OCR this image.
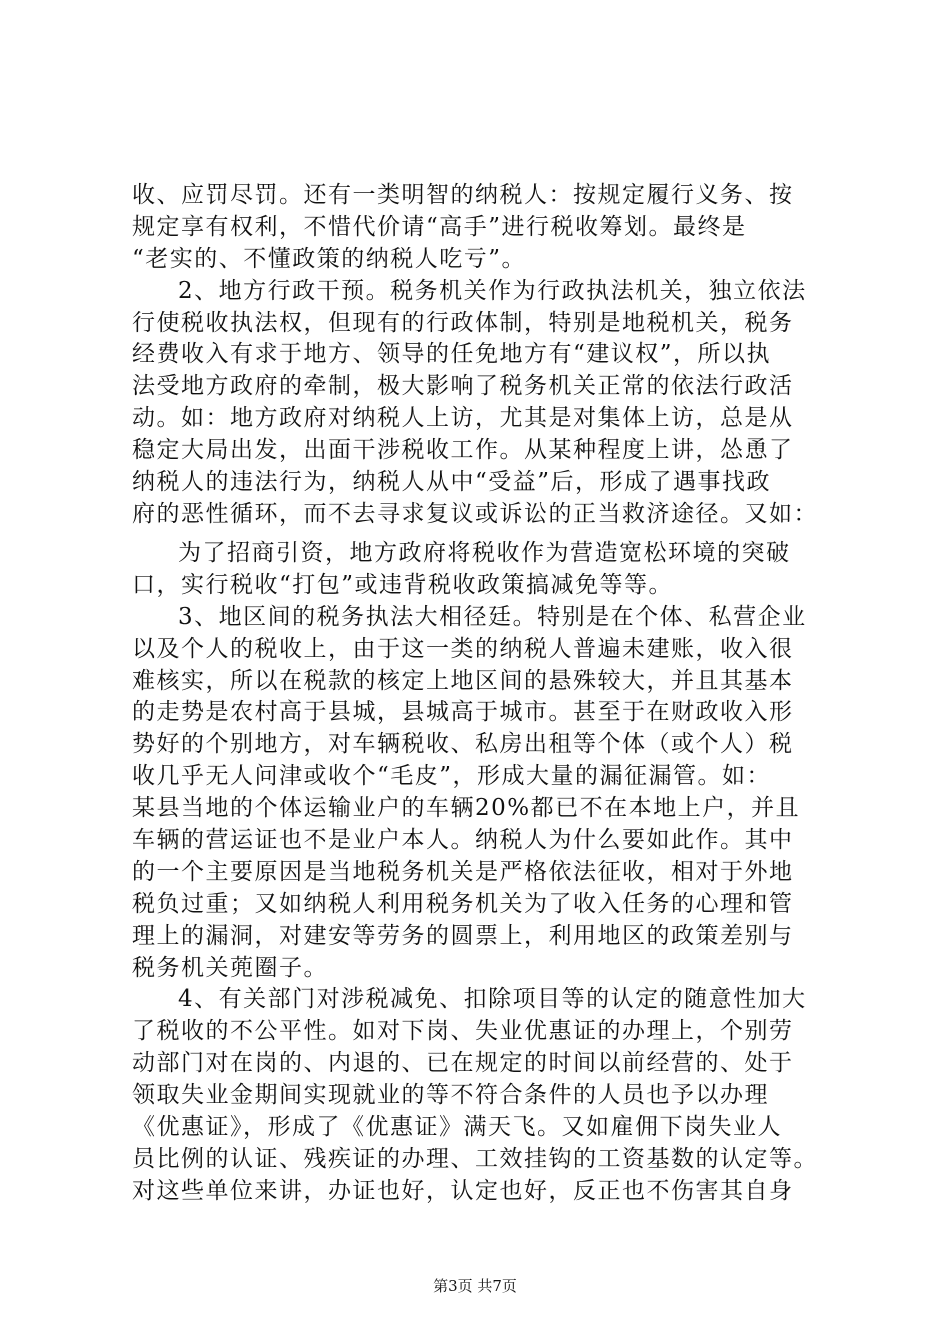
收、应罚尽罚。还有一类明智的纳税人：按规定履行义务、按
规定享有权利，不惜代价请“高手”进行税收筹划。最终是
“老实的、不懂政策的纳税人吃亏”。
2、地方行政干预。税务机关作为行政执法机关，独立依法
行使税收执法权，但现有的行政体制，特别是地税机关，税务
经费收入有求于地方、领导的任免地方有“建议权”，所以执
法受地方政府的牵制，极大影响了税务机关正常的依法行政活
动。如：地方政府对纳税人上访，尤其是对集体上访，总是从
稳定大局出发，出面干涉税收工作。从某种程度上讲，怂恿了
纳税人的违法行为，纳税人从中“受益”后，形成了遇事找政
府的恶性循环，而不去寻求复议或诉讼的正当救济途径。又如：
为了招商引资，地方政府将税收作为营造宽松环境的突破
口，实行税收“打包”或违背税收政策搞减免等等。
3、地区间的税务执法大相径廷。特别是在个体、私营企业
以及个人的税收上，由于这一类的纳税人普遍未建账，收入很
难核实，所以在税款的核定上地区间的悬殊较大，并且其基本
的走势是农村高于县城，县城高于城市。甚至于在财政收入形
势好的个别地方，对车辆税收、私房出租等个体（或个人）税
收几乎无人问津或收个“毛皮”，形成大量的漏征漏管。如：
某县当地的个体运输业户的车辆20%都已不在本地上户，并且
车辆的营运证也不是业户本人。纳税人为什么要如此作。其中
的一个主要原因是当地税务机关是严格依法征收，相对于外地
税负过重；又如纳税人利用税务机关为了收入任务的心理和管
理上的漏洞，对建安等劳务的圆票上，利用地区的政策差别与
税务机关蔸圈子。
4、有关部门对涉税减免、扣除项目等的认定的随意性加大
了税收的不公平性。如对下岗、失业优惠证的办理上，个别劳
动部门对在岗的、内退的、已在规定的时间以前经营的、处于
领取失业金期间实现就业的等不符合条件的人员也予以办理
《优惠证》，形成了《优惠证》满天飞。又如雇佣下岗失业人
员比例的认证、残疾证的办理、工效挂钩的工资基数的认定等。
对这些单位来讲，办证也好，认定也好，反正也不伤害其自身
第3页 共7页
